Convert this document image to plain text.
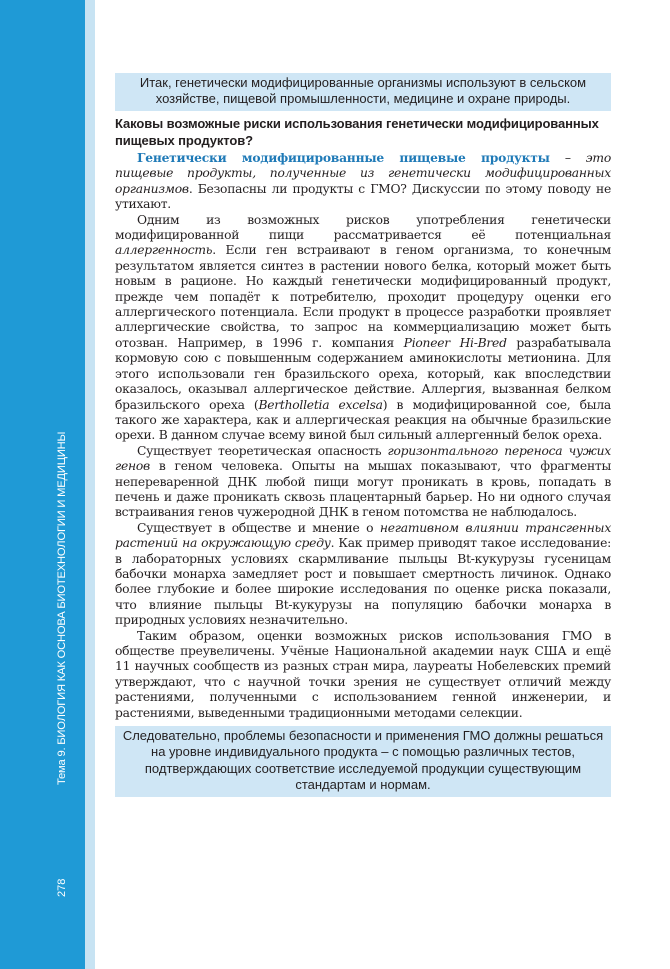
Тема 9. БИОЛОГИЯ КАК ОСНОВА БИОТЕХНОЛОГИИ И МЕДИЦИНЫ
278
Итак, генетически модифицированные организмы используют в сельском хозяйстве, пищевой промышленности, медицине и охране природы.
Каковы возможные риски использования генетически модифицированных пищевых продуктов?

Генетически модифицированные пищевые продукты – это пищевые продукты, полученные из генетически модифицированных организмов. Безопасны ли продукты с ГМО? Дискуссии по этому поводу не утихают.

Одним из возможных рисков употребления генетически модифицированной пищи рассматривается её потенциальная аллергенность. Если ген встраивают в геном организма, то конечным результатом является синтез в растении нового белка, который может быть новым в рационе. Но каждый генетически модифицированный продукт, прежде чем попадёт к потребителю, проходит процедуру оценки его аллергического потенциала. Если продукт в процессе разработки проявляет аллергические свойства, то запрос на коммерциализацию может быть отозван. Например, в 1996 г. компания Pioneer Hi-Bred разрабатывала кормовую сою с повышенным содержанием аминокислоты метионина. Для этого использовали ген бразильского ореха, который, как впоследствии оказалось, оказывал аллергическое действие. Аллергия, вызванная белком бразильского ореха (Bertholletia excelsa) в модифицированной сое, была такого же характера, как и аллергическая реакция на обычные бразильские орехи. В данном случае всему виной был сильный аллергенный белок ореха.

Существует теоретическая опасность горизонтального переноса чужих генов в геном человека. Опыты на мышах показывают, что фрагменты непереваренной ДНК любой пищи могут проникать в кровь, попадать в печень и даже проникать сквозь плацентарный барьер. Но ни одного случая встраивания генов чужеродной ДНК в геном потомства не наблюдалось.

Существует в обществе и мнение о негативном влиянии трансгенных растений на окружающую среду. Как пример приводят такое исследование: в лабораторных условиях скармливание пыльцы Bt-кукурузы гусеницам бабочки монарха замедляет рост и повышает смертность личинок. Однако более глубокие и более широкие исследования по оценке риска показали, что влияние пыльцы Bt-кукурузы на популяцию бабочки монарха в природных условиях незначительно.

Таким образом, оценки возможных рисков использования ГМО в обществе преувеличены. Учёные Национальной академии наук США и ещё 11 научных сообществ из разных стран мира, лауреаты Нобелевских премий утверждают, что с научной точки зрения не существует отличий между растениями, полученными с использованием генной инженерии, и растениями, выведенными традиционными методами селекции.

Следовательно, проблемы безопасности и применения ГМО должны решаться на уровне индивидуального продукта – с помощью различных тестов, подтверждающих соответствие исследуемой продукции существующим стандартам и нормам.
